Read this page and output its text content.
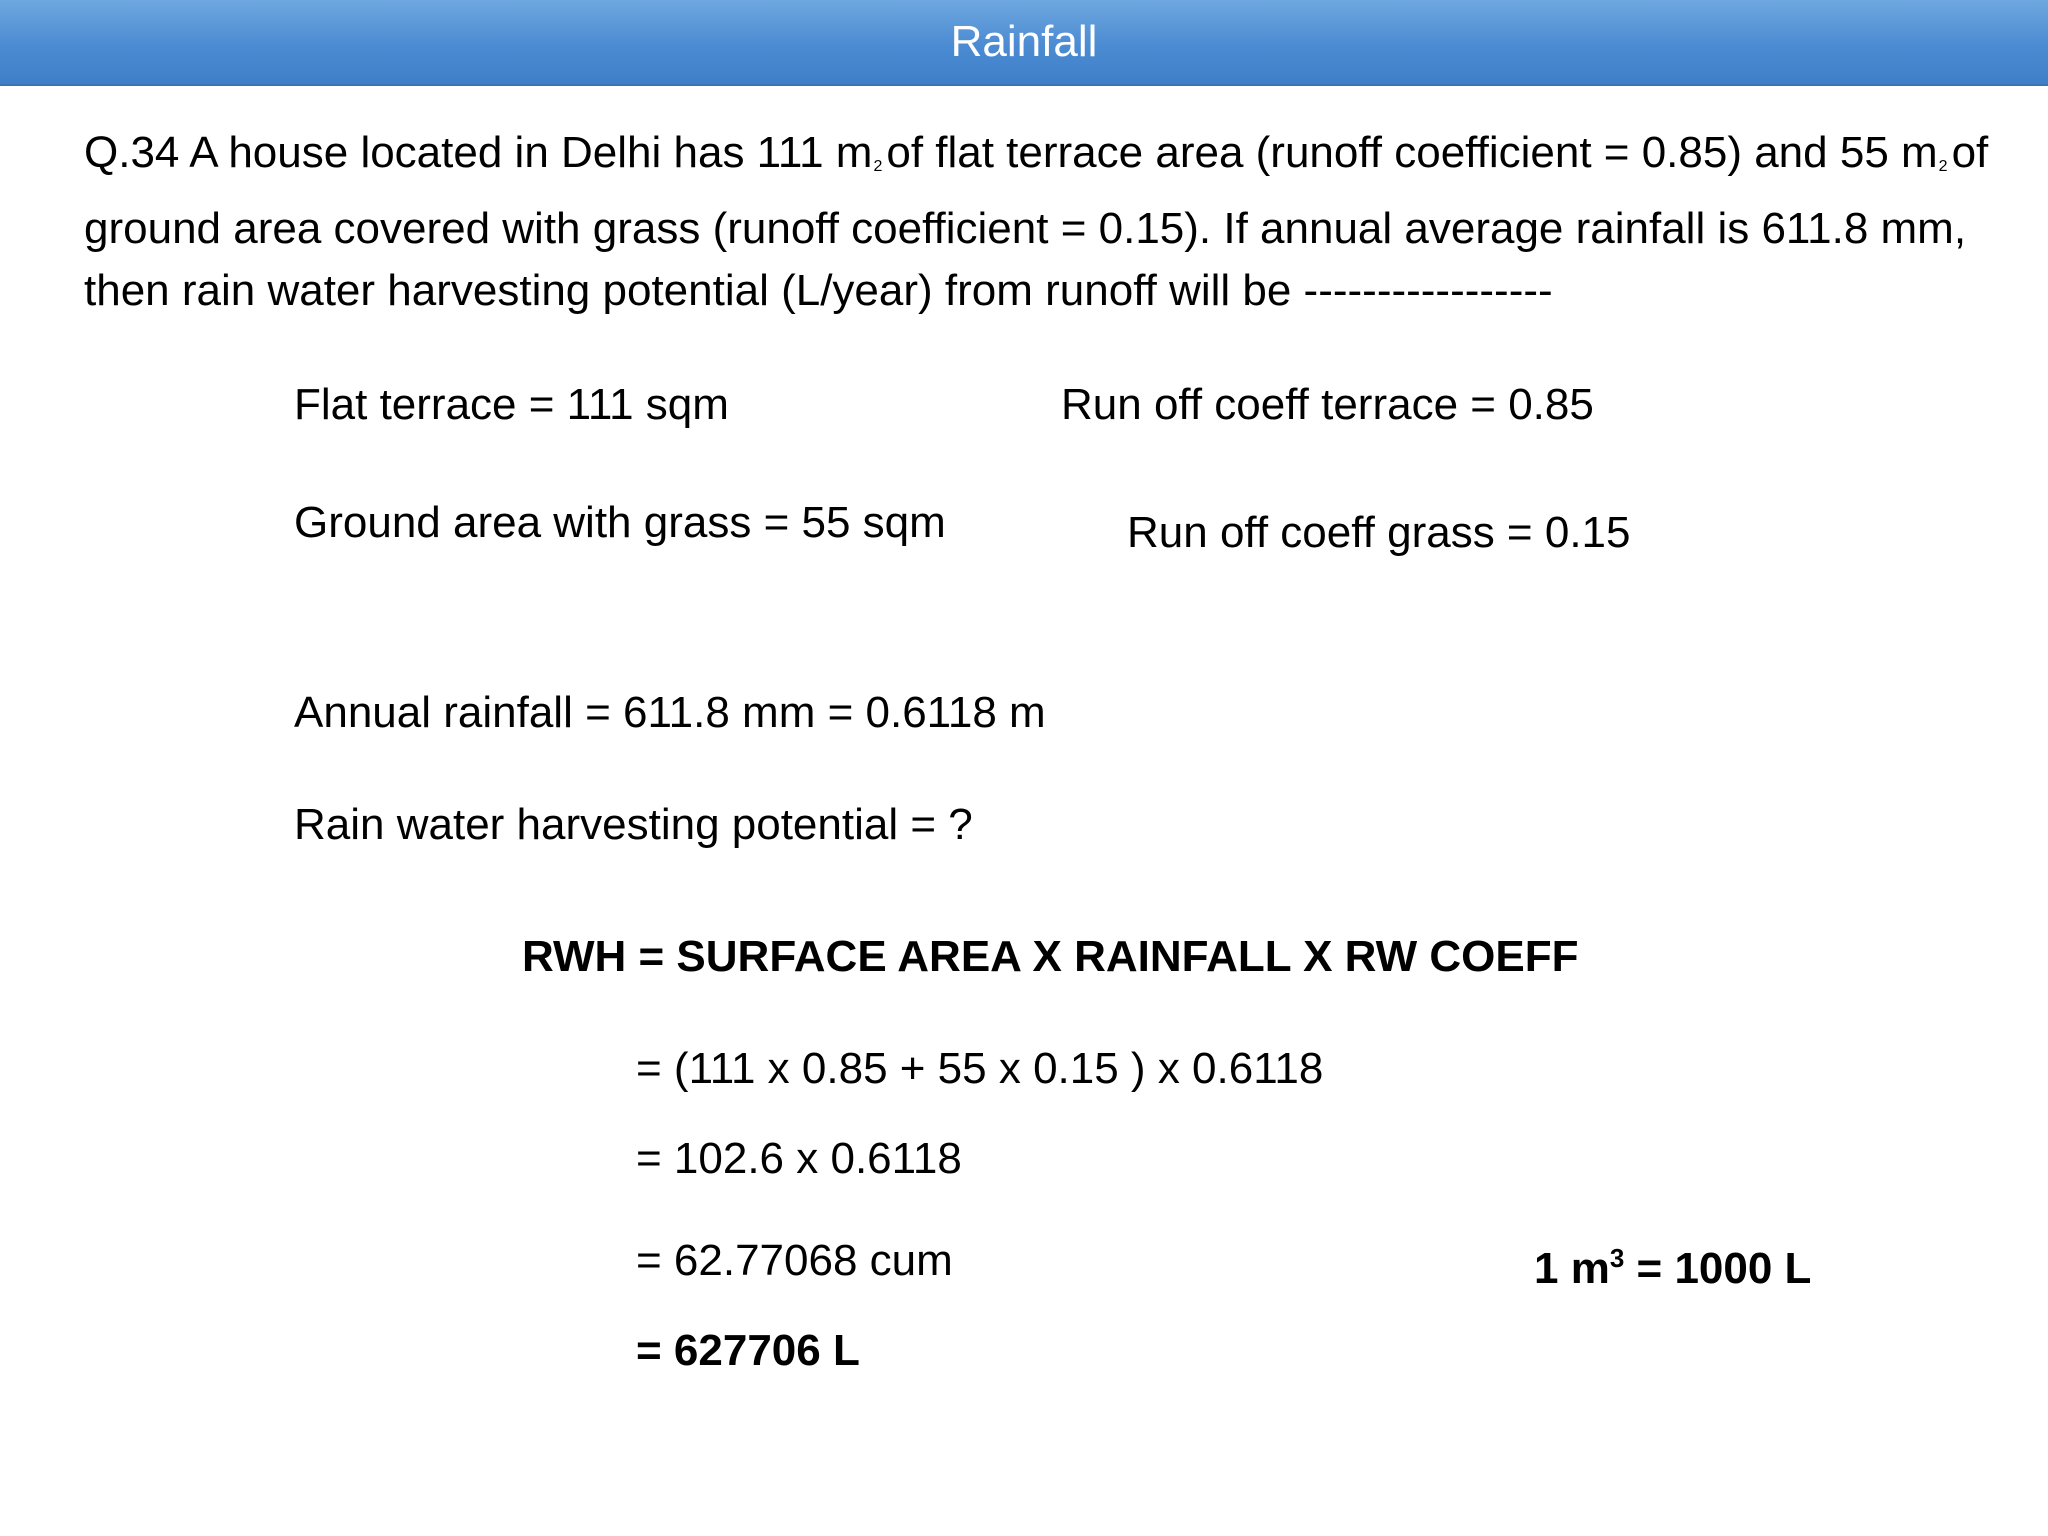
Rainfall
Q.34 A house located in Delhi has 111 $m_2of$ flat terrace area (runoff coefficient = 0.85) and 55 $m_2of$ ground area covered with grass (runoff coefficient = 0.15). If annual average rainfall is 611.8 mm, then rain water harvesting potential (L/year) from runoff will be -----------------
Flat terrace = 111 sqm	Run off coeff terrace = 0.85
Ground area with grass = 55 sqm	Run off coeff grass = 0.15
Annual rainfall = 611.8 mm = 0.6118 m
Rain water harvesting potential = ?
RWH = SURFACE AREA X RAINFALL X RW COEFF
= (111 x 0.85 + 55 x 0.15 ) x 0.6118
= 102.6 x 0.6118
= 62.77068 cum
= 627706 L
1 $m^3 = 1000$ L
